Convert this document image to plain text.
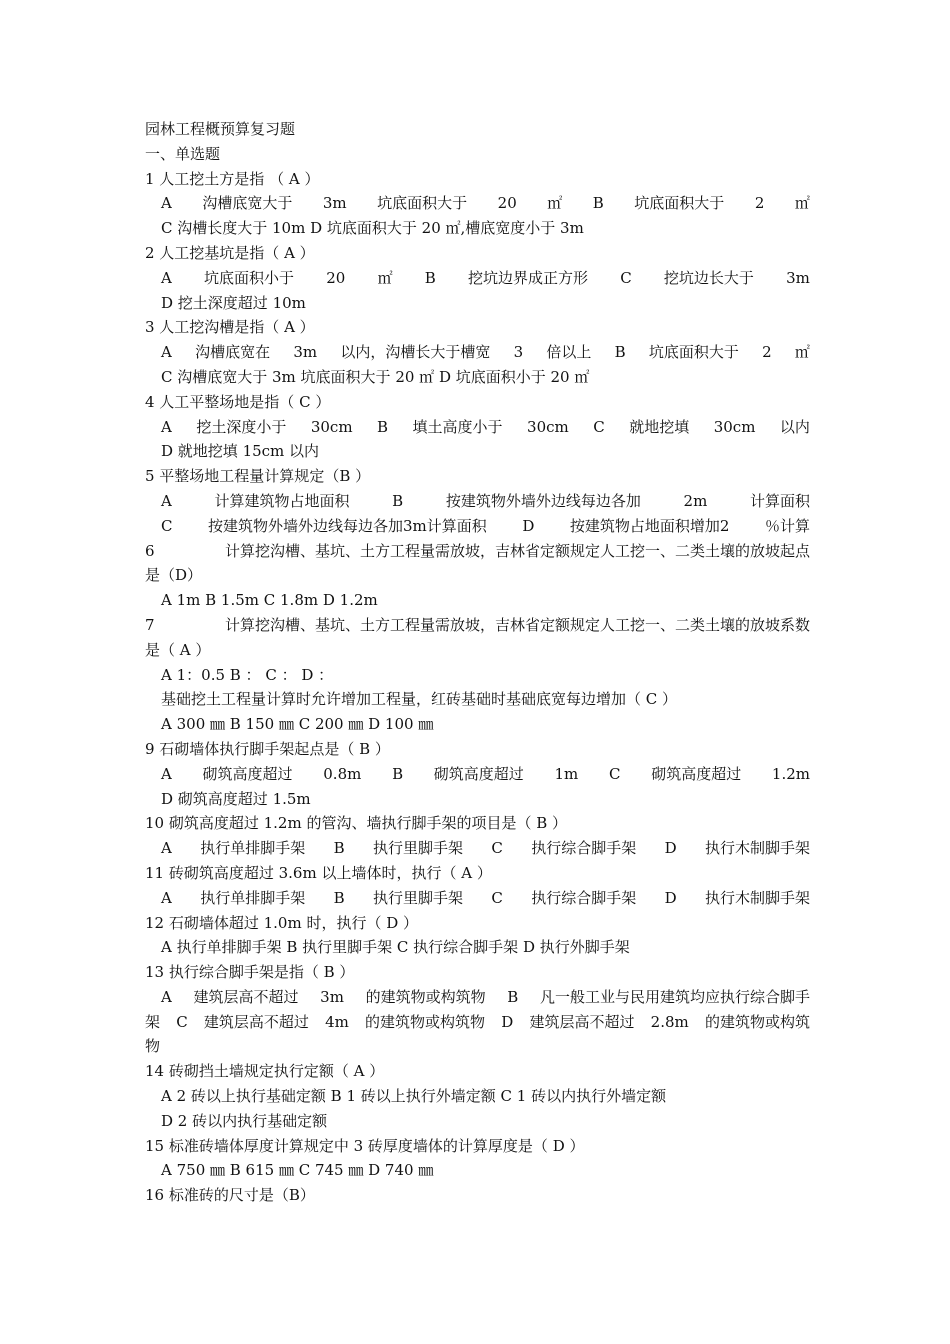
园林工程概预算复习题
一、单选题
1 人工挖土方是指 （ A ）
A 沟槽底宽大于 3m 坑底面积大于 20 ㎡ B 坑底面积大于 2 ㎡
C 沟槽长度大于 10m D 坑底面积大于 20 ㎡,槽底宽度小于 3m
2 人工挖基坑是指（ A ）
A 坑底面积小于 20 ㎡ B 挖坑边界成正方形 C 挖坑边长大于 3m
D 挖土深度超过 10m
3 人工挖沟槽是指（ A ）
A 沟槽底宽在 3m 以内，沟槽长大于槽宽 3 倍以上 B 坑底面积大于 2 ㎡
C 沟槽底宽大于 3m 坑底面积大于 20 ㎡ D 坑底面积小于 20 ㎡
4 人工平整场地是指（ C ）
A 挖土深度小于 30cm B 填土高度小于 30cm C 就地挖填 30cm 以内
D 就地挖填 15cm 以内
5 平整场地工程量计算规定（B ）
A	计算建筑物占地面积	B	按建筑物外墙外边线每边各加	2m	计算面积
C 按建筑物外墙外边线每边各加3m计算面积 D 按建筑物占地面积增加2 ％计算
6	计算挖沟槽、基坑、土方工程量需放坡，吉林省定额规定人工挖一、二类土壤的放坡起点
是（D）
A 1m B 1.5m C 1.8m D 1.2m
7	计算挖沟槽、基坑、土方工程量需放坡，吉林省定额规定人工挖一、二类土壤的放坡系数
是（ A ）
A 1：0.5 B ： C ： D ：
基础挖土工程量计算时允许增加工程量，红砖基础时基础底宽每边增加（ C ）
A 300 ㎜ B 150 ㎜ C 200 ㎜ D 100 ㎜
9 石砌墙体执行脚手架起点是（ B ）
A 砌筑高度超过 0.8m B 砌筑高度超过 1m C 砌筑高度超过 1.2m
D 砌筑高度超过 1.5m
10 砌筑高度超过 1.2m 的管沟、墙执行脚手架的项目是（ B ）
A 执行单排脚手架 B 执行里脚手架 C 执行综合脚手架 D 执行木制脚手架
11 砖砌筑高度超过 3.6m 以上墙体时，执行（ A ）
A 执行单排脚手架 B 执行里脚手架 C 执行综合脚手架 D 执行木制脚手架
12 石砌墙体超过 1.0m 时，执行（ D ）
A 执行单排脚手架 B 执行里脚手架 C 执行综合脚手架 D 执行外脚手架
13 执行综合脚手架是指（ B ）
A 建筑层高不超过 3m 的建筑物或构筑物 B 凡一般工业与民用建筑均应执行综合脚手
架 C 建筑层高不超过 4m 的建筑物或构筑物 D 建筑层高不超过 2.8m 的建筑物或构筑
物
14 砖砌挡土墙规定执行定额（ A ）
A 2 砖以上执行基础定额 B 1 砖以上执行外墙定额 C 1 砖以内执行外墙定额
D 2 砖以内执行基础定额
15 标准砖墙体厚度计算规定中 3 砖厚度墙体的计算厚度是（ D ）
A 750 ㎜ B 615 ㎜ C 745 ㎜ D 740 ㎜
16 标准砖的尺寸是（B）
